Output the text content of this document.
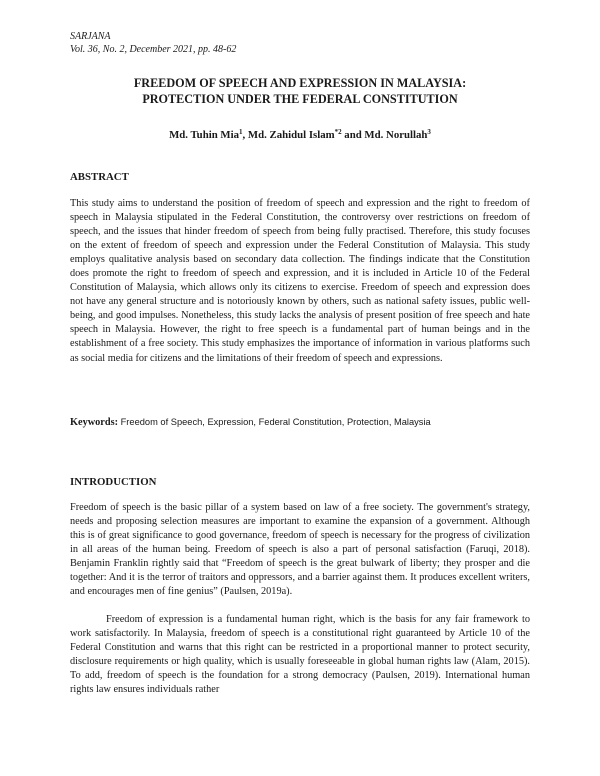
SARJANA
Vol. 36, No. 2, December 2021, pp. 48-62
FREEDOM OF SPEECH AND EXPRESSION IN MALAYSIA:
PROTECTION UNDER THE FEDERAL CONSTITUTION
Md. Tuhin Mia$^1$, Md. Zahidul Islam$^{*2}$ and Md. Norullah$^3$
ABSTRACT
This study aims to understand the position of freedom of speech and expression and the right to freedom of speech in Malaysia stipulated in the Federal Constitution, the controversy over restrictions on freedom of speech, and the issues that hinder freedom of speech from being fully practised. Therefore, this study focuses on the extent of freedom of speech and expression under the Federal Constitution of Malaysia. This study employs qualitative analysis based on secondary data collection. The findings indicate that the Constitution does promote the right to freedom of speech and expression, and it is included in Article 10 of the Federal Constitution of Malaysia, which allows only its citizens to exercise. Freedom of speech and expression does not have any general structure and is notoriously known by others, such as national safety issues, public well-being, and good impulses. Nonetheless, this study lacks the analysis of present position of free speech and hate speech in Malaysia. However, the right to free speech is a fundamental part of human beings and in the establishment of a free society. This study emphasizes the importance of information in various platforms such as social media for citizens and the limitations of their freedom of speech and expressions.
Keywords: Freedom of Speech, Expression, Federal Constitution, Protection, Malaysia
INTRODUCTION
Freedom of speech is the basic pillar of a system based on law of a free society. The government's strategy, needs and proposing selection measures are important to examine the expansion of a government. Although this is of great significance to good governance, freedom of speech is necessary for the progress of civilization in all areas of the human being. Freedom of speech is also a part of personal satisfaction (Faruqi, 2018). Benjamin Franklin rightly said that “Freedom of speech is the great bulwark of liberty; they prosper and die together: And it is the terror of traitors and oppressors, and a barrier against them. It produces excellent writers, and encourages men of fine genius” (Paulsen, 2019a).
Freedom of expression is a fundamental human right, which is the basis for any fair framework to work satisfactorily. In Malaysia, freedom of speech is a constitutional right guaranteed by Article 10 of the Federal Constitution and warns that this right can be restricted in a proportional manner to protect security, disclosure requirements or high quality, which is usually foreseeable in global human rights law (Alam, 2015). To add, freedom of speech is the foundation for a strong democracy (Paulsen, 2019). International human rights law ensures individuals rather
